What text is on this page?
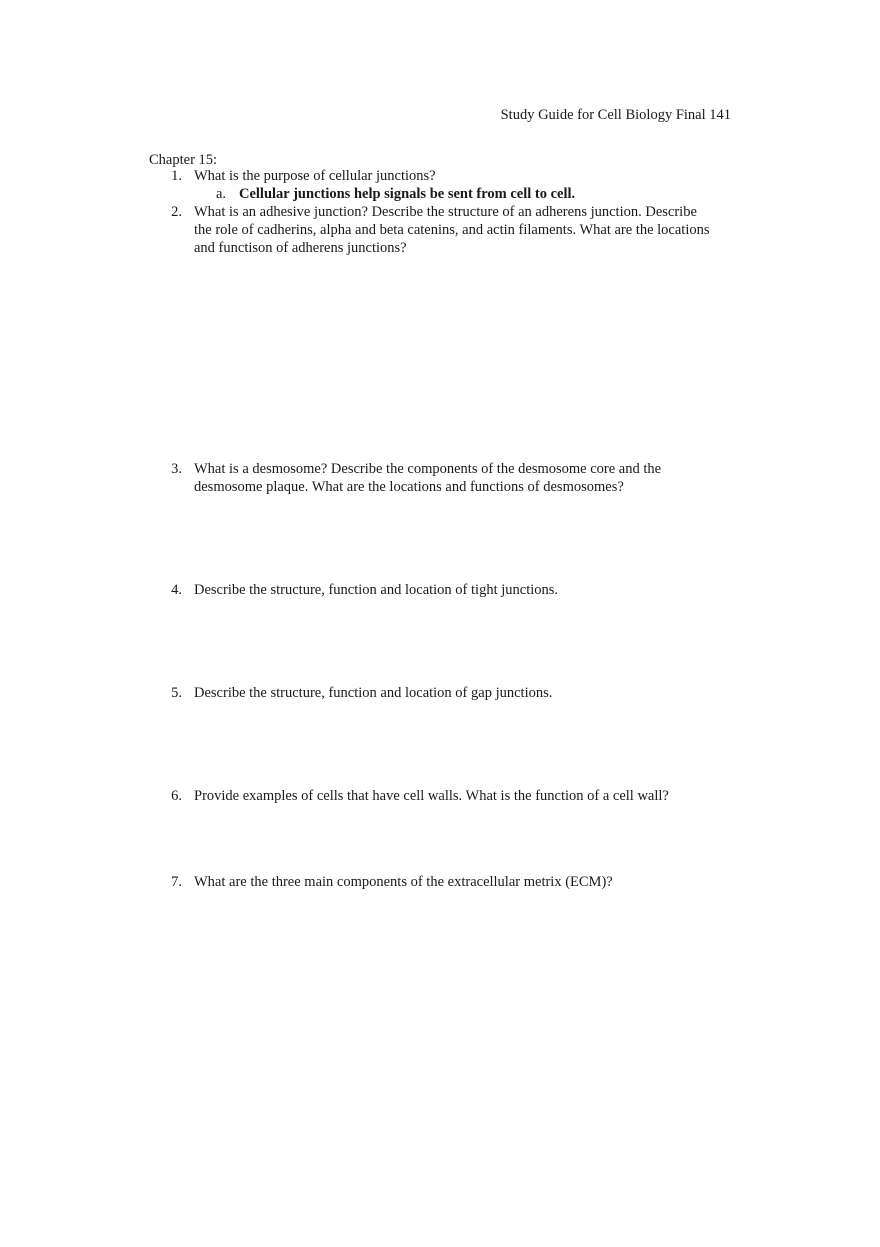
Study Guide for Cell Biology Final 141
Chapter 15:
1. What is the purpose of cellular junctions?
a. Cellular junctions help signals be sent from cell to cell.
2. What is an adhesive junction? Describe the structure of an adherens junction. Describe
the role of cadherins, alpha and beta catenins, and actin filaments. What are the locations
and functison of adherens junctions?
3. What is a desmosome? Describe the components of the desmosome core and the
desmosome plaque. What are the locations and functions of desmosomes?
4. Describe the structure, function and location of tight junctions.
5. Describe the structure, function and location of gap junctions.
6. Provide examples of cells that have cell walls. What is the function of a cell wall?
7. What are the three main components of the extracellular metrix (ECM)?
